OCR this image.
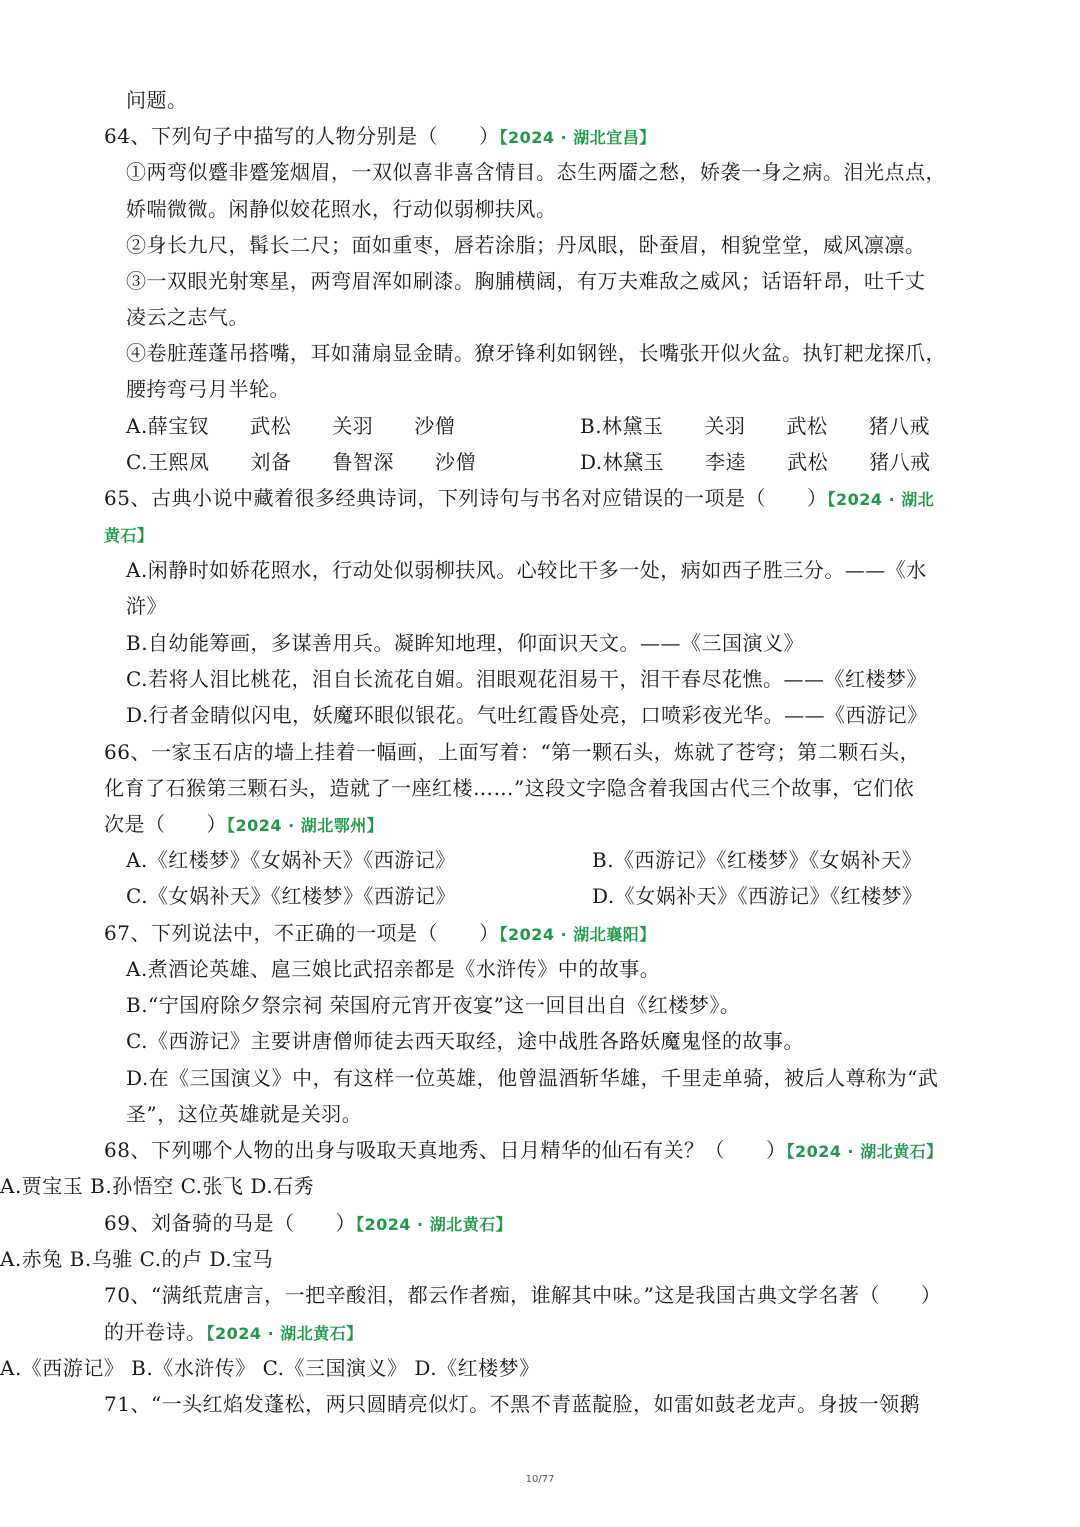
问题。
64、下列句子中描写的人物分别是（　　）【2024 · 湖北宜昌】
①两弯似蹙非蹙笼烟眉，一双似喜非喜含情目。态生两靥之愁，娇袭一身之病。泪光点点，
娇喘微微。闲静似姣花照水，行动似弱柳扶风。
②身长九尺，髯长二尺；面如重枣，唇若涂脂；丹凤眼，卧蚕眉，相貌堂堂，威风凛凛。
③一双眼光射寒星，两弯眉浑如刷漆。胸脯横阔，有万夫难敌之威风；话语轩昂，吐千丈
凌云之志气。
④卷脏莲蓬吊搭嘴，耳如蒲扇显金睛。獠牙锋利如钢锉，长嘴张开似火盆。执钉耙龙探爪，
腰挎弯弓月半轮。
A.薛宝钗　　武松　　关羽　　沙僧	B.林黛玉　　关羽　　武松　　猪八戒
C.王熙凤　　刘备　　鲁智深　　沙僧	D.林黛玉　　李逵　　武松　　猪八戒
65、古典小说中藏着很多经典诗词，下列诗句与书名对应错误的一项是（　　）【2024 · 湖北
黄石】
A.闲静时如娇花照水，行动处似弱柳扶风。心较比干多一处，病如西子胜三分。——《水
浒》
B.自幼能筹画，多谋善用兵。凝眸知地理，仰面识天文。——《三国演义》
C.若将人泪比桃花，泪自长流花自媚。泪眼观花泪易干，泪干春尽花憔。——《红楼梦》
D.行者金睛似闪电，妖魔环眼似银花。气吐红霞昏处亮，口喷彩夜光华。——《西游记》
66、一家玉石店的墙上挂着一幅画，上面写着：“第一颗石头，炼就了苍穹；第二颗石头，
化育了石猴第三颗石头，造就了一座红楼……”这段文字隐含着我国古代三个故事，它们依
次是（　　）【2024 · 湖北鄂州】
A.《红楼梦》《女娲补天》《西游记》	B.《西游记》《红楼梦》《女娲补天》
C.《女娲补天》《红楼梦》《西游记》	D.《女娲补天》《西游记》《红楼梦》
67、下列说法中，不正确的一项是（　　）【2024 · 湖北襄阳】
A.煮酒论英雄、扈三娘比武招亲都是《水浒传》中的故事。
B.“宁国府除夕祭宗祠 荣国府元宵开夜宴”这一回目出自《红楼梦》。
C.《西游记》主要讲唐僧师徒去西天取经，途中战胜各路妖魔鬼怪的故事。
D.在《三国演义》中，有这样一位英雄，他曾温酒斩华雄，千里走单骑，被后人尊称为“武
圣”，这位英雄就是关羽。
68、下列哪个人物的出身与吸取天真地秀、日月精华的仙石有关？（　　）【2024 · 湖北黄石】
A.贾宝玉 B.孙悟空 C.张飞 D.石秀
69、刘备骑的马是（　　）【2024 · 湖北黄石】
A.赤兔 B.乌骓 C.的卢 D.宝马
70、“满纸荒唐言，一把辛酸泪，都云作者痴，谁解其中味。”这是我国古典文学名著（　　）
的开卷诗。【2024 · 湖北黄石】
A.《西游记》 B.《水浒传》 C.《三国演义》 D.《红楼梦》
71、“一头红焰发蓬松，两只圆睛亮似灯。不黑不青蓝靛脸，如雷如鼓老龙声。身披一领鹅
10/77
